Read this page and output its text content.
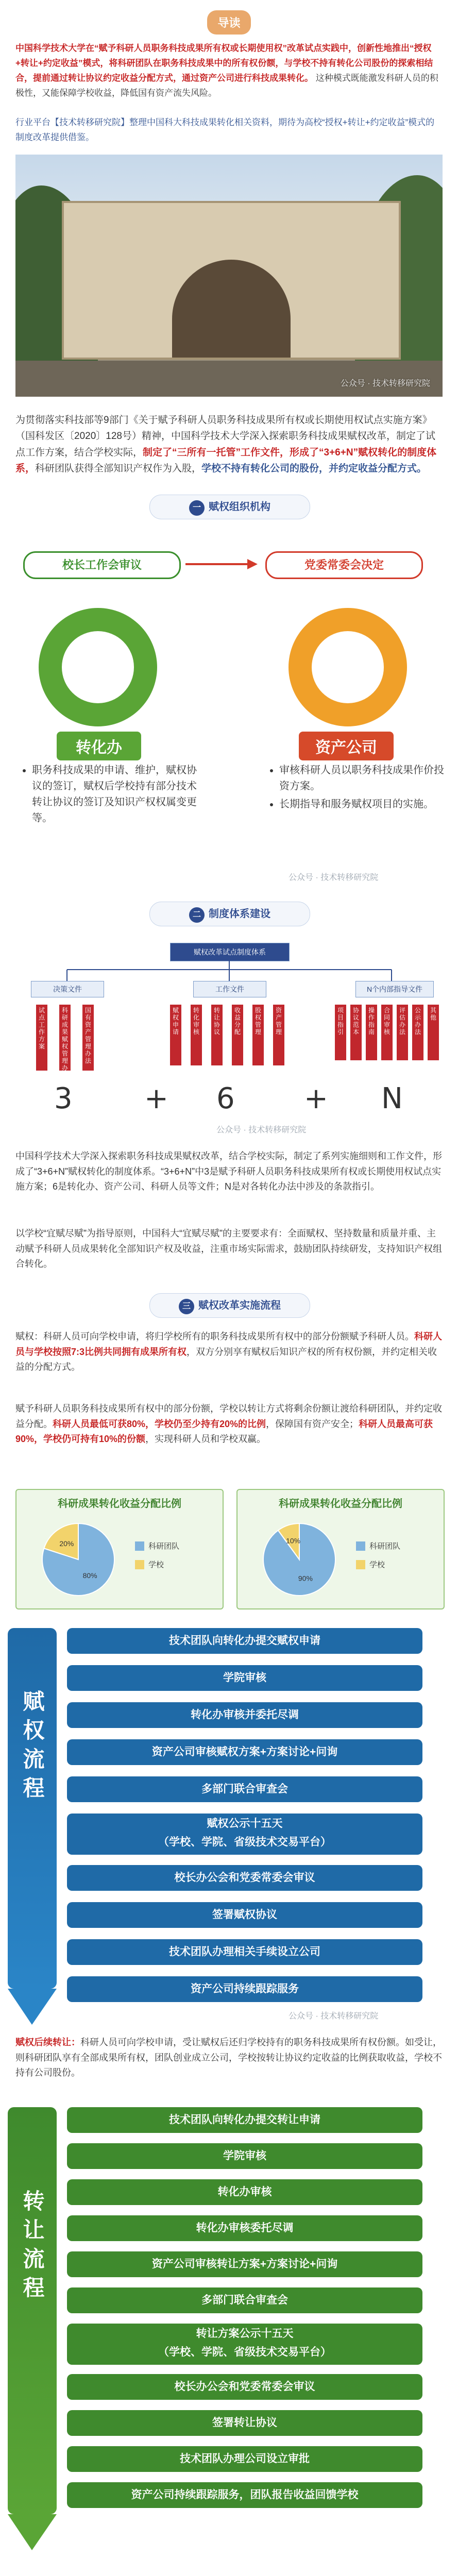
导读
中国科学技术大学在“赋予科研人员职务科技成果所有权或长期使用权”改革试点实践中，创新性地推出“授权+转让+约定收益”模式，将科研团队在职务科技成果中的所有权份额，与学校不持有转化公司股份的探索相结合，提前通过转让协议约定收益分配方式，通过资产公司进行科技成果转化。 这种模式既能激发科研人员的积极性，又能保障学校收益，降低国有资产流失风险。

行业平台【技术转移研究院】整理中国科大科技成果转化相关资料，期待为高校“授权+转让+约定收益”模式的制度改革提供借鉴。
公众号 · 技术转移研究院
为贯彻落实科技部等9部门《关于赋予科研人员职务科技成果所有权或长期使用权试点实施方案》（国科发区〔2020〕128号）精神，中国科学技术大学深入探索职务科技成果赋权改革，制定了试点工作方案，结合学校实际，制定了“三所有一托管”工作文件，形成了“3+6+N”赋权转化的制度体系，科研团队获得全部知识产权作为入股，学校不持有转化公司的股份，并约定收益分配方式。
一 赋权组织机构
校长工作会审议	党委常委会决定
转化办	资产公司
• 职务科技成果的申请、维护，赋权协议的签订，赋权后学校持有部分技术转让协议的签订及知识产权权属变更等。
• 审核科研人员以职务科技成果作价投资方案。
• 长期指导和服务赋权项目的实施。
公众号 · 技术转移研究院
二 制度体系建设
赋权改革试点制度体系
决策文件	工作文件	N个内部指导文件
试点工作方案
科研成果赋权管理办法
国有资产管理办法
赋权申请
转化审核
转让协议
收益分配
股权管理
资产管理
项目指引
协议范本
操作指南
合同审核
评估办法
公示办法
其他
3 + 6 + N
公众号 · 技术转移研究院
中国科学技术大学深入探索职务科技成果赋权改革，结合学校实际，制定了系列实施细则和工作文件，形成了“3+6+N”赋权转化的制度体系。“3+6+N”中3是赋予科研人员职务科技成果所有权或长期使用权试点实施方案；6是转化办、资产公司、科研人员等文件；N是对各转化办法中涉及的条款指引。
以学校“宜赋尽赋”为指导原则，中国科大“宜赋尽赋”的主要要求有：全面赋权、坚持数量和质量并重、主动赋予科研人员成果转化全部知识产权及收益，注重市场实际需求，鼓励团队持续研发，支持知识产权组合转化。
三 赋权改革实施流程
赋权：科研人员可向学校申请，将归学校所有的职务科技成果所有权中的部分份额赋予科研人员。科研人员与学校按照7:3比例共同拥有成果所有权，双方分别享有赋权后知识产权的所有权份额，并约定相关收益的分配方式。
赋予科研人员职务科技成果所有权中的部分份额，学校以转让方式将剩余份额让渡给科研团队，并约定收益分配。科研人员最低可获80%，学校仍至少持有20%的比例，保障国有资产安全；科研人员最高可获90%，学校仍可持有10%的份额，实现科研人员和学校双赢。
科研成果转化收益分配比例
80%
科研团队
20%
学校
科研成果转化收益分配比例
90%
科研团队
10%
学校
赋权流程
技术团队向转化办提交赋权申请
学院审核
转化办审核并委托尽调
资产公司审核赋权方案+方案讨论+问询
多部门联合审查会
赋权公示十五天
（学校、学院、省级技术交易平台）
校长办公会和党委常委会审议
签署赋权协议
技术团队办理相关手续设立公司
资产公司持续跟踪服务
公众号 · 技术转移研究院
赋权后续转让：科研人员可向学校申请，受让赋权后还归学校持有的职务科技成果所有权份额。如受让，则科研团队享有全部成果所有权，团队创业成立公司，学校按转让协议约定收益的比例获取收益，学校不持有公司股份。
转让流程
技术团队向转化办提交转让申请
学院审核
转化办审核
转化办审核委托尽调
资产公司审核转让方案+方案讨论+问询
多部门联合审查会
转让方案公示十五天
（学校、学院、省级技术交易平台）
校长办公会和党委常委会审议
签署转让协议
技术团队办理公司设立审批
资产公司持续跟踪服务，团队报告收益回馈学校
